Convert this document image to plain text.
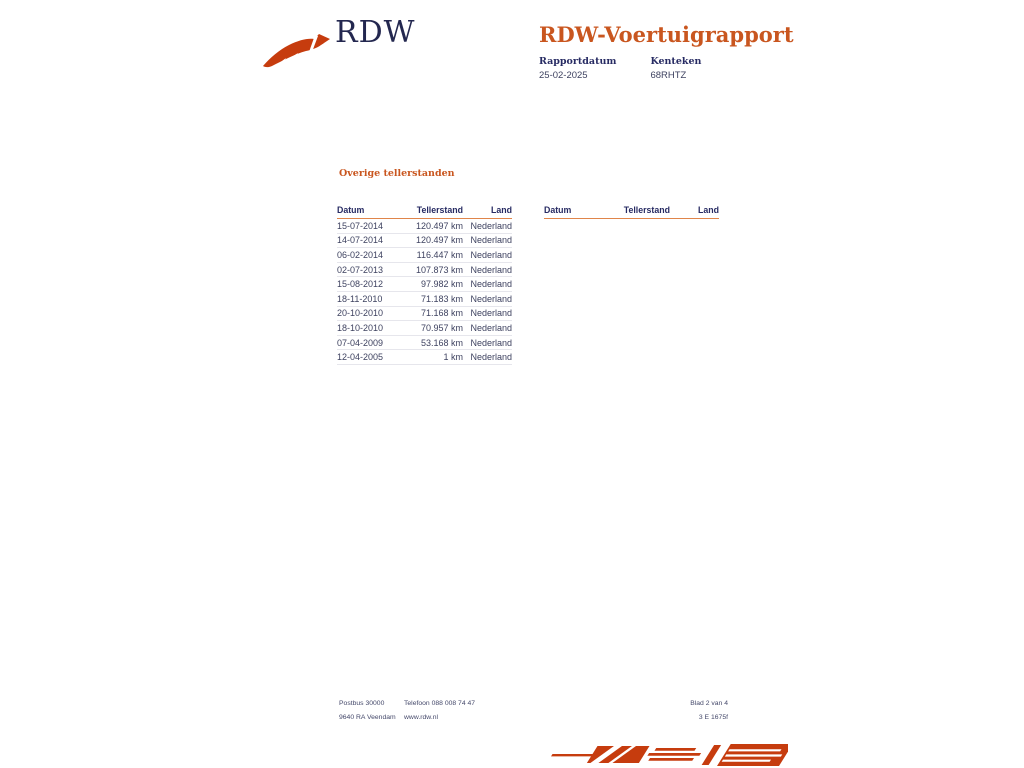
RDW	RDW-Voertuigrapport
Rapportdatum
25-02-2025
Kenteken
68RHTZ
Overige tellerstanden
Datum	Tellerstand	Land
15-07-2014	120.497 km Nederland
14-07-2014	120.497 km Nederland
06-02-2014	116.447 km Nederland
02-07-2013	107.873 km Nederland
15-08-2012	97.982 km Nederland
18-11-2010	71.183 km Nederland
20-10-2010	71.168 km Nederland
18-10-2010	70.957 km Nederland
07-04-2009	53.168 km Nederland
12-04-2005	1 km Nederland
Datum	Tellerstand	Land
Postbus 30000
9640 RA Veendam
Telefoon 088 008 74 47
www.rdw.nl
Blad 2 van 4
3 E 1675f
